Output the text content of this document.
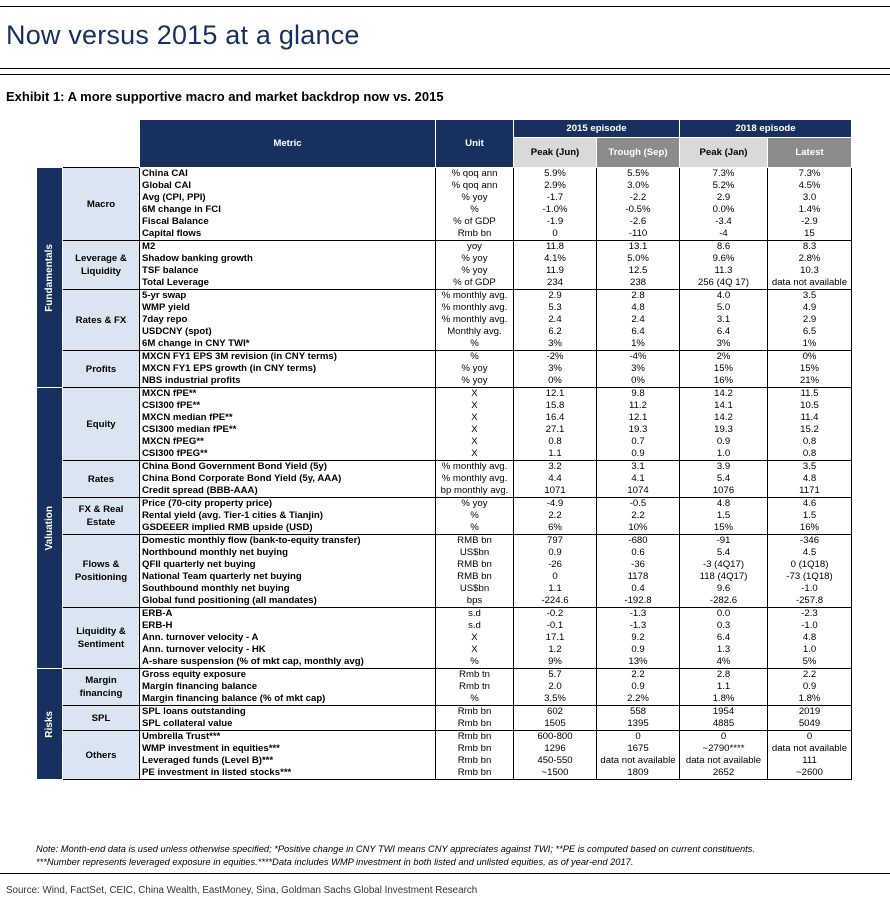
Now versus 2015 at a glance
Exhibit 1: A more supportive macro and market backdrop now vs. 2015
		Metric	Unit	2015 episode		2018 episode	
				Peak (Jun)	Trough (Sep)	Peak (Jan)	Latest

Fundamentals	Macro	China CAI	% qoq ann	5.9%	5.5%	7.3%	7.3%
		Global CAI	% qoq ann	2.9%	3.0%	5.2%	4.5%
		Avg (CPI, PPI)	% yoy	-1.7	-2.2	2.9	3.0
		6M change in FCI	%	-1.0%	-0.5%	0.0%	1.4%
		Fiscal Balance	% of GDP	-1.9	-2.6	-3.4	-2.9
		Capital flows	Rmb bn	0	-110	-4	15
	Leverage & Liquidity	M2	yoy	11.8	13.1	8.6	8.3
		Shadow banking growth	% yoy	4.1%	5.0%	9.6%	2.8%
		TSF balance	% yoy	11.9	12.5	11.3	10.3
		Total Leverage	% of GDP	234	238	256 (4Q 17)	data not available
	Rates & FX	5-yr swap	% monthly avg.	2.9	2.8	4.0	3.5
		WMP yield	% monthly avg.	5.3	4.8	5.0	4.9
		7day repo	% monthly avg.	2.4	2.4	3.1	2.9
		USDCNY (spot)	Monthly avg.	6.2	6.4	6.4	6.5
		6M change in CNY TWI*	%	3%	1%	3%	1%
	Profits	MXCN FY1 EPS 3M revision (in CNY terms)	%	-2%	-4%	2%	0%
		MXCN FY1 EPS growth (in CNY terms)	% yoy	3%	3%	15%	15%
		NBS industrial profits	% yoy	0%	0%	16%	21%

Valuation	Equity	MXCN fPE**	X	12.1	9.8	14.2	11.5
		CSI300 fPE**	X	15.8	11.2	14.1	10.5
		MXCN median fPE**	X	16.4	12.1	14.2	11.4
		CSI300 median fPE**	X	27.1	19.3	19.3	15.2
		MXCN fPEG**	X	0.8	0.7	0.9	0.8
		CSI300 fPEG**	X	1.1	0.9	1.0	0.8
	Rates	China Bond Government Bond Yield (5y)	% monthly avg.	3.2	3.1	3.9	3.5
		China Bond Corporate Bond Yield (5y, AAA)	% monthly avg.	4.4	4.1	5.4	4.8
		Credit spread (BBB-AAA)	bp monthly avg.	1071	1074	1076	1171
	FX & Real Estate	Price (70-city property price)	% yoy	-4.9	-0.5	4.8	4.6
		Rental yield (avg. Tier-1 cities & Tianjin)	%	2.2	2.2	1.5	1.5
		GSDEEER implied RMB upside (USD)	%	6%	10%	15%	16%
	Flows & Positioning	Domestic monthly flow (bank-to-equity transfer)	RMB bn	797	-680	-91	-346
		Northbound monthly net buying	US$bn	0.9	0.6	5.4	4.5
		QFII quarterly net buying	RMB bn	-26	-36	-3 (4Q17)	0 (1Q18)
		National Team quarterly net buying	RMB bn	0	1178	118 (4Q17)	-73 (1Q18)
		Southbound monthly net buying	US$bn	1.1	0.4	9.6	-1.0
		Global fund positioning (all mandates)	bps	-224.6	-192.8	-282.6	-257.8
	Liquidity & Sentiment	ERB-A	s.d	-0.2	-1.3	0.0	-2.3
		ERB-H	s.d	-0.1	-1.3	0.3	-1.0
		Ann. turnover velocity - A	X	17.1	9.2	6.4	4.8
		Ann. turnover velocity - HK	X	1.2	0.9	1.3	1.0
		A-share suspension (% of mkt cap, monthly avg)	%	9%	13%	4%	5%

Risks	Margin financing	Gross equity exposure	Rmb tn	5.7	2.2	2.8	2.2
		Margin financing balance	Rmb tn	2.0	0.9	1.1	0.9
		Margin financing balance (% of mkt cap)	%	3.5%	2.2%	1.8%	1.8%
	SPL	SPL loans outstanding	Rmb bn	602	558	1954	2019
		SPL collateral value	Rmb bn	1505	1395	4885	5049
	Others	Umbrella Trust***	Rmb bn	600-800	0	0	0
		WMP investment in equities***	Rmb bn	1296	1675	~2790****	data not available
		Leveraged funds (Level B)***	Rmb bn	450-550	data not available	data not available	111
		PE investment in listed stocks***	Rmb bn	~1500	1809	2652	~2600
Note: Month-end data is used unless otherwise specified; *Positive change in CNY TWI means CNY appreciates against TWI; **PE is computed based on current constituents.
***Number represents leveraged exposure in equities.****Data includes WMP investment in both listed and unlisted equities, as of year-end 2017.
Source: Wind, FactSet, CEIC, China Wealth, EastMoney, Sina, Goldman Sachs Global Investment Research
